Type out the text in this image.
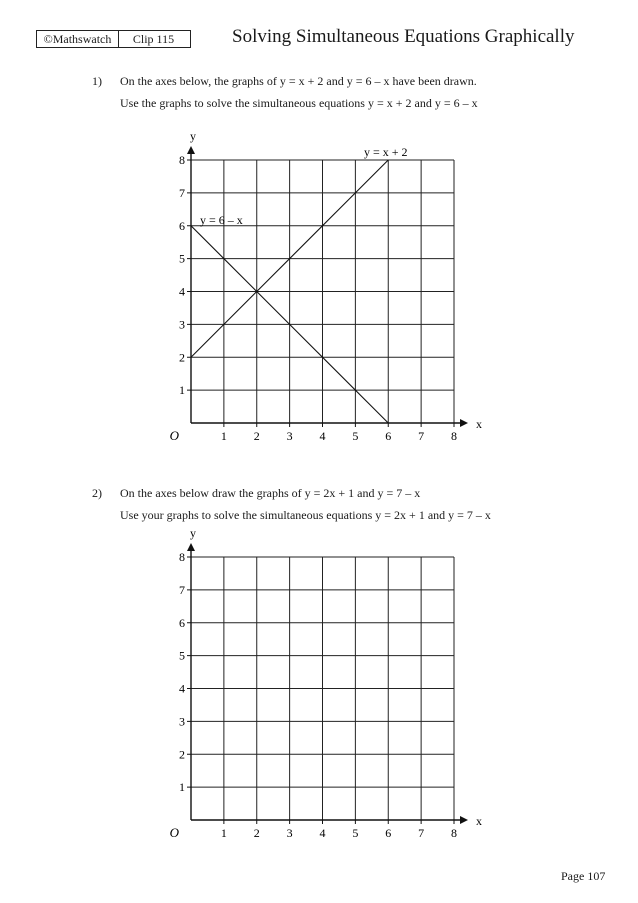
©Mathswatch	Clip 115	Solving Simultaneous Equations Graphically
1) On the axes below, the graphs of y = x + 2 and y = 6 – x have been drawn.
Use the graphs to solve the simultaneous equations y = x + 2 and y = 6 – x
1 2 3 4 5 6 7 8
1
2
3
4
5
6
7
8
x
y
O
y = x + 2
y = 6 – x
2) On the axes below draw the graphs of y = 2x + 1 and y = 7 – x
Use your graphs to solve the simultaneous equations y = 2x + 1 and y = 7 – x
1 2 3 4 5 6 7 8
1
2
3
4
5
6
7
8
x
y
O
Page 107
